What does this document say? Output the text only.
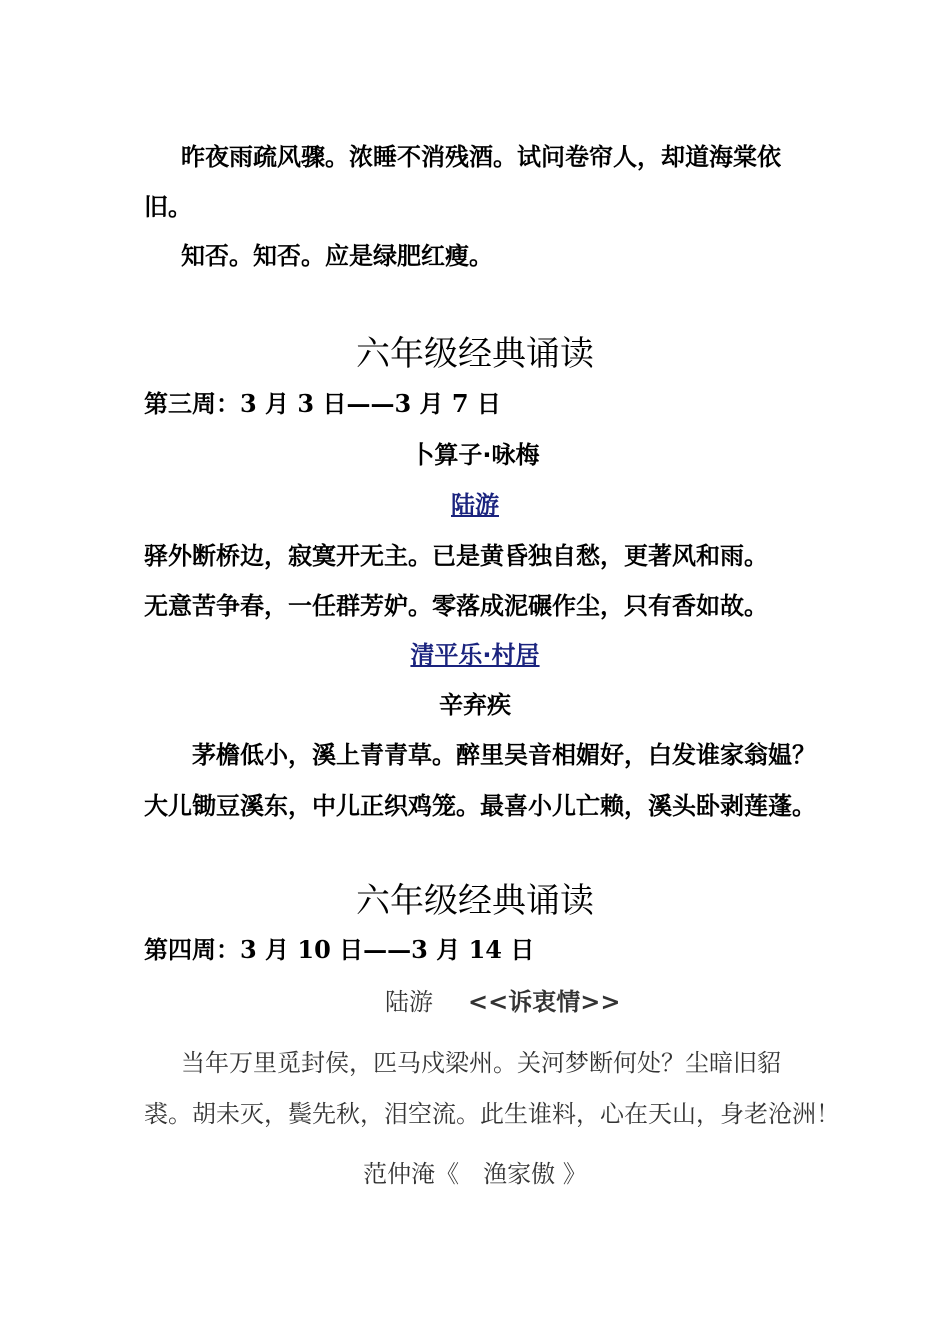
昨夜雨疏风骤。浓睡不消残酒。试问卷帘人，却道海棠依

旧。

知否。知否。应是绿肥红瘦。

六年级经典诵读

第三周：3 月 3 日——3 月 7 日

卜算子·咏梅

陆游

驿外断桥边，寂寞开无主。已是黄昏独自愁，更著风和雨。

无意苦争春，一任群芳妒。零落成泥碾作尘，只有香如故。

清平乐·村居

辛弃疾

茅檐低小，溪上青青草。醉里吴音相媚好，白发谁家翁媪？

大儿锄豆溪东，中儿正织鸡笼。最喜小儿亡赖，溪头卧剥莲蓬。

六年级经典诵读

第四周：3 月 10 日——3 月 14 日

陆游 <<诉衷情>>

当年万里觅封侯，匹马戍梁州。关河梦断何处？尘暗旧貂

裘。胡未灭，鬓先秋，泪空流。此生谁料，心在天山，身老沧洲！

范仲淹《　渔家傲 》
